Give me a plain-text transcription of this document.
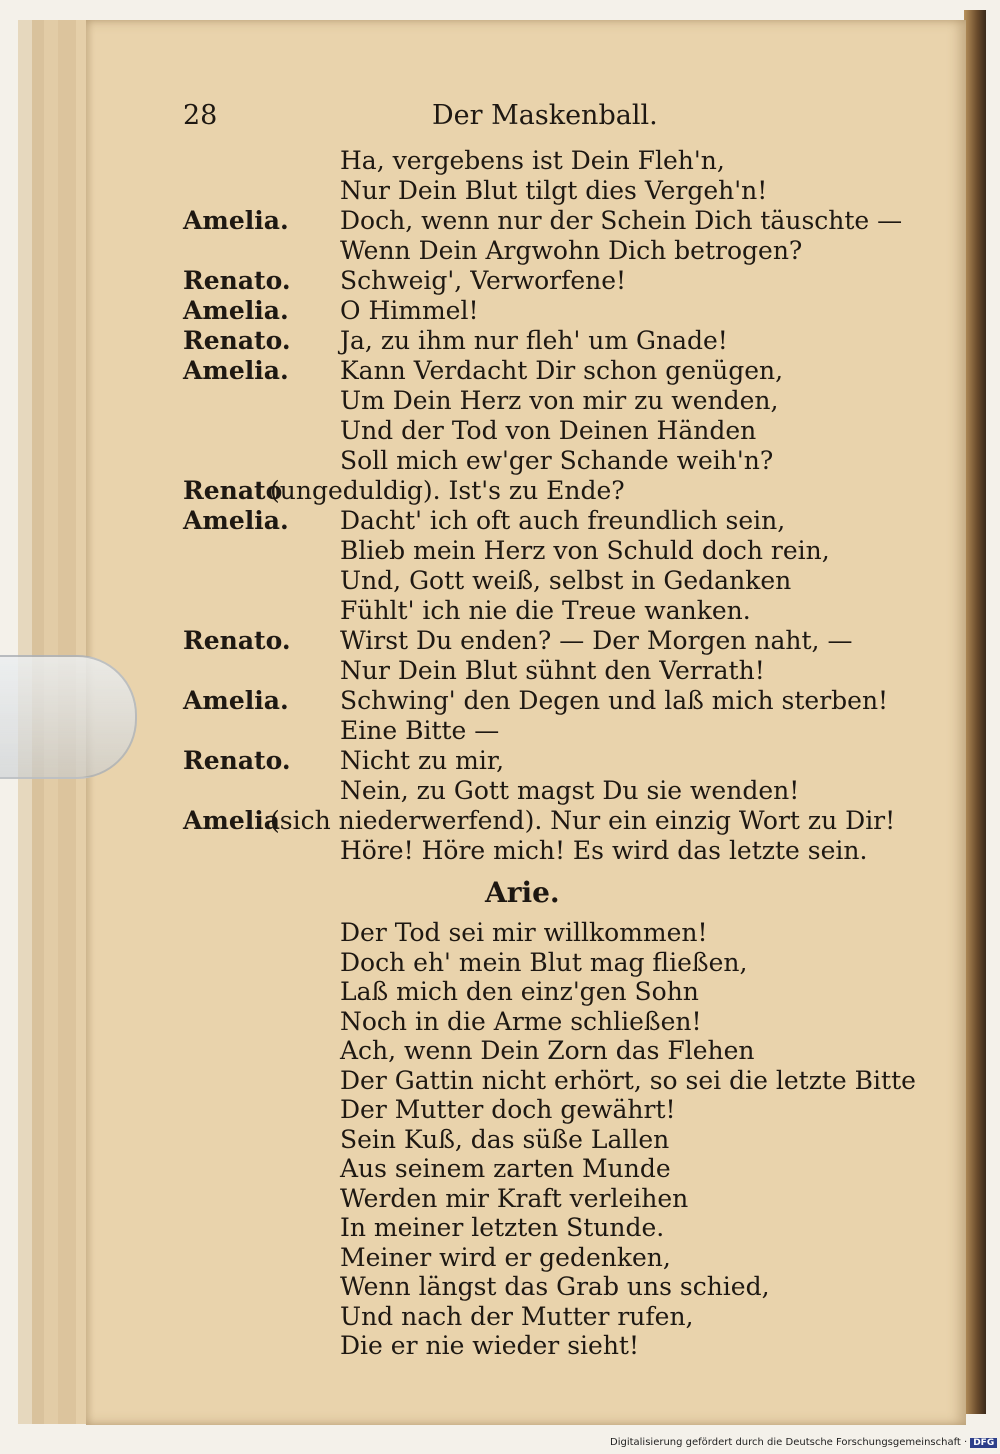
28	Der Maskenball.
Ha, vergebens ist Dein Fleh'n,
Nur Dein Blut tilgt dies Vergeh'n!
Amelia. Doch, wenn nur der Schein Dich täuschte —
Wenn Dein Argwohn Dich betrogen?
Renato. Schweig', Verworfene!
Amelia. O Himmel!
Renato. Ja, zu ihm nur fleh' um Gnade!
Amelia. Kann Verdacht Dir schon genügen,
Um Dein Herz von mir zu wenden,
Und der Tod von Deinen Händen
Soll mich ew'ger Schande weih'n?
Renato
(ungeduldig). Ist's zu Ende?
Amelia. Dacht' ich oft auch freundlich sein,
Blieb mein Herz von Schuld doch rein,
Und, Gott weiß, selbst in Gedanken
Fühlt' ich nie die Treue wanken.
Renato. Wirst Du enden? — Der Morgen naht, —
Nur Dein Blut sühnt den Verrath!
Amelia. Schwing' den Degen und laß mich sterben!
Eine Bitte —
Renato. Nicht zu mir,
Nein, zu Gott magst Du sie wenden!
Amelia
(sich niederwerfend). Nur ein einzig Wort zu Dir!
Höre! Höre mich! Es wird das letzte sein.
Arie.
Der Tod sei mir willkommen!
Doch eh' mein Blut mag fließen,
Laß mich den einz'gen Sohn
Noch in die Arme schließen!
Ach, wenn Dein Zorn das Flehen
Der Gattin nicht erhört, so sei die letzte Bitte
Der Mutter doch gewährt!
Sein Kuß, das süße Lallen
Aus seinem zarten Munde
Werden mir Kraft verleihen
In meiner letzten Stunde.
Meiner wird er gedenken,
Wenn längst das Grab uns schied,
Und nach der Mutter rufen,
Die er nie wieder sieht!
Digitalisierung gefördert durch die Deutsche Forschungsgemeinschaft · DFG
